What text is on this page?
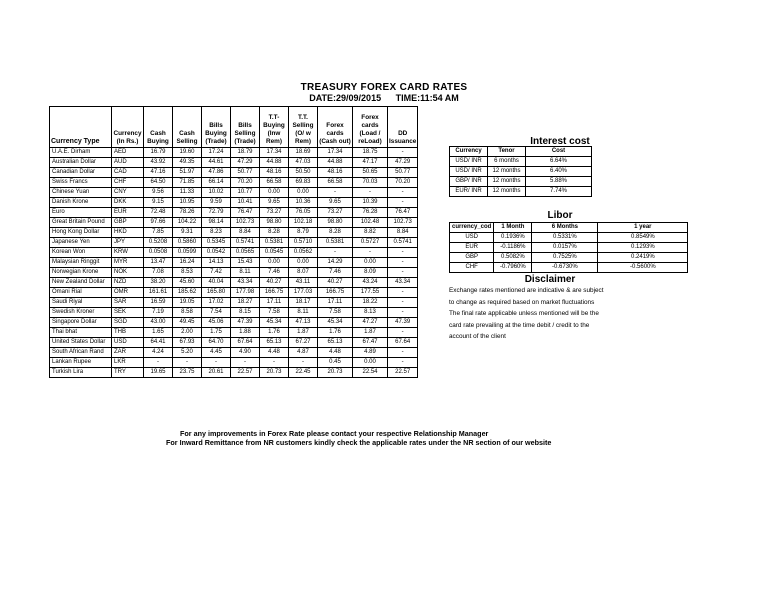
TREASURY FOREX CARD RATES
DATE:29/09/2015 TIME:11:54 AM
Currency Type	Currency (In Rs.)	Cash Buying	Cash Selling	Bills Buying (Trade)	Bills Selling (Trade)	T.T-Buying (Inw Rem)	T.T. Selling (O/ w Rem)	Forex cards (Cash out)	Forex cards (Load / reLoad)	DD Issuance
U.A.E. Dirham	AED	16.79	19.60	17.24	18.79	17.34	18.69	17.34	18.75	-
Australian Dollar	AUD	43.92	49.35	44.61	47.29	44.88	47.03	44.88	47.17	47.29
Canadian Dollar	CAD	47.16	51.97	47.86	50.77	48.16	50.50	48.16	50.65	50.77
Swiss Francs	CHF	64.50	71.85	66.14	70.20	66.58	69.83	66.58	70.03	70.20
Chinese Yuan	CNY	9.56	11.33	10.02	10.77	0.00	0.00	-	-	-
Danish Krone	DKK	9.15	10.95	9.59	10.41	9.65	10.36	9.65	10.39	-
Euro	EUR	72.48	78.26	72.79	76.47	73.27	76.05	73.27	76.28	76.47
Great Britain Pound	GBP	97.66	104.22	98.14	102.73	98.80	102.18	98.80	102.48	102.73
Hong Kong Dollar	HKD	7.85	9.31	8.23	8.84	8.28	8.79	8.28	8.82	8.84
Japanese Yen	JPY	0.5208	0.5860	0.5345	0.5741	0.5381	0.5710	0.5381	0.5727	0.5741
Korean Won	KRW	0.0508	0.0599	0.0542	0.0565	0.0545	0.0562	-	-	-
Malaysian Ringgit	MYR	13.47	16.24	14.13	15.43	0.00	0.00	14.29	0.00	-
Norwegian Krone	NOK	7.08	8.53	7.42	8.11	7.46	8.07	7.46	8.09	-
New Zealand Dollar	NZD	38.20	45.60	40.04	43.34	40.27	43.11	40.27	43.24	43.34
Omani Rial	OMR	161.61	185.62	165.80	177.98	166.75	177.03	166.75	177.55	-
Saudi Riyal	SAR	16.59	19.05	17.02	18.27	17.11	18.17	17.11	18.22	-
Swedish Kroner	SEK	7.19	8.58	7.54	8.15	7.58	8.11	7.58	8.13	-
Singapore Dollar	SGD	43.00	49.45	45.06	47.39	45.34	47.13	45.34	47.27	47.39
Thai bhat	THB	1.65	2.00	1.75	1.88	1.76	1.87	1.76	1.87	-
United States Dollar	USD	64.41	67.93	64.70	67.64	65.13	67.27	65.13	67.47	67.64
South African Rand	ZAR	4.24	5.20	4.45	4.90	4.48	4.87	4.48	4.89	-
Lankan Rupee	LKR	-	-	-	-	-	-	0.45	0.00	-
Turkish Lira	TRY	19.65	23.75	20.61	22.57	20.73	22.45	20.73	22.54	22.57
For any improvements in Forex Rate please contact your respective Relationship Manager
For Inward Remittance from NR customers kindly check the applicable rates under the NR section of our website
Interest cost
Currency	Tenor	Cost
USD/ INR	6 months	6.64%
USD/ INR	12 months	6.40%
GBP/ INR	12 months	5.88%
EUR/ INR	12 months	7.74%
Libor
currency_cod	1 Month	6 Months	1 year
USD	0.1936%	0.5331%	0.8549%
EUR	-0.1186%	0.0157%	0.1293%
GBP	0.5082%	0.7525%	0.2419%
CHF	-0.7960%	-0.6730%	-0.5600%
Disclaimer
Exchange rates mentioned are indicative & are subject
to change as required based on market fluctuations
The final rate applicable unless mentioned will be the
card rate prevailing at the time debit / credit to the
account of the client
